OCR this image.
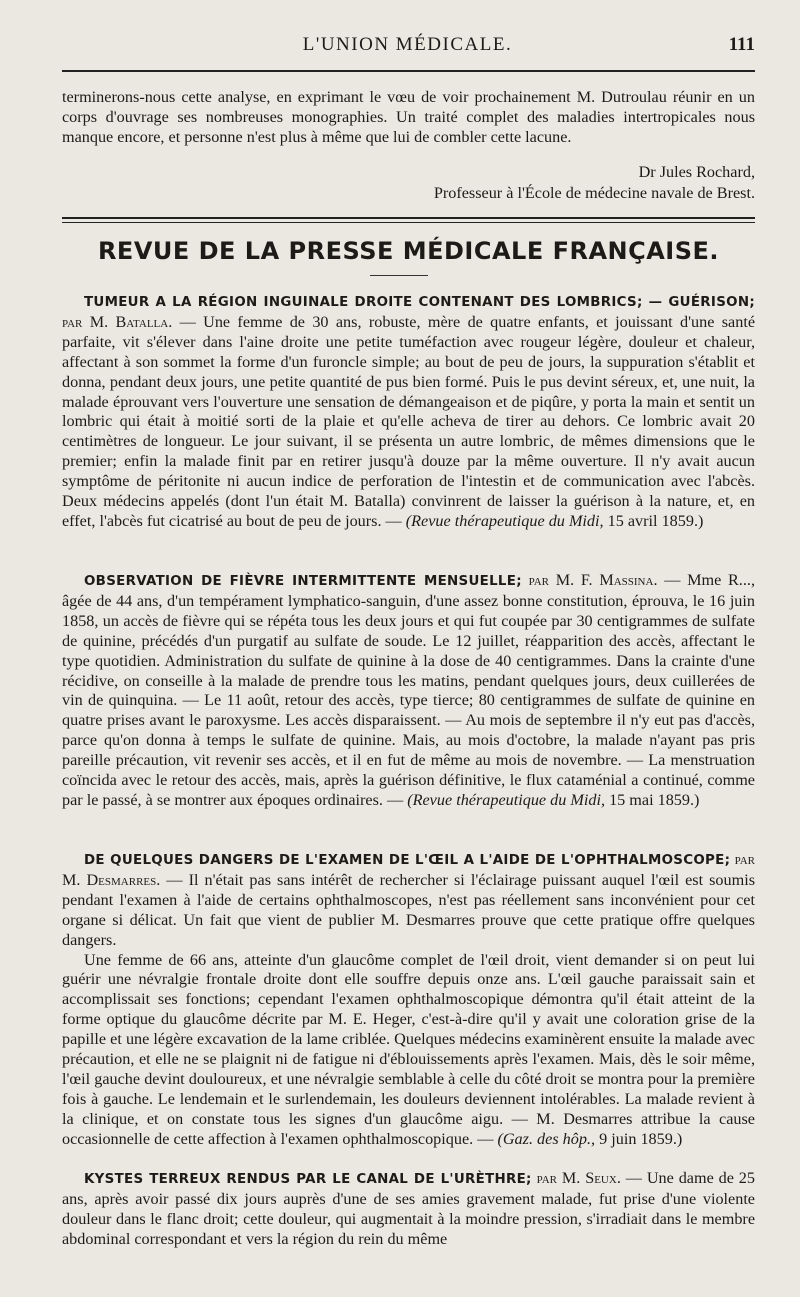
L'UNION MÉDICALE.	111

terminerons-nous cette analyse, en exprimant le vœu de voir prochainement M. Dutroulau réunir en un corps d'ouvrage ses nombreuses monographies. Un traité complet des maladies intertropicales nous manque encore, et personne n'est plus à même que lui de combler cette lacune.

Dr Jules Rochard,
Professeur à l'École de médecine navale de Brest.
REVUE DE LA PRESSE MÉDICALE FRANÇAISE.

TUMEUR A LA RÉGION INGUINALE DROITE CONTENANT DES LOMBRICS; — GUÉRISON; par M. Batalla. — Une femme de 30 ans, robuste, mère de quatre enfants, et jouissant d'une santé parfaite, vit s'élever dans l'aine droite une petite tuméfaction avec rougeur légère, douleur et chaleur, affectant à son sommet la forme d'un furoncle simple; au bout de peu de jours, la suppuration s'établit et donna, pendant deux jours, une petite quantité de pus bien formé. Puis le pus devint séreux, et, une nuit, la malade éprouvant vers l'ouverture une sensation de démangeaison et de piqûre, y porta la main et sentit un lombric qui était à moitié sorti de la plaie et qu'elle acheva de tirer au dehors. Ce lombric avait 20 centimètres de longueur. Le jour suivant, il se présenta un autre lombric, de mêmes dimensions que le premier; enfin la malade finit par en retirer jusqu'à douze par la même ouverture. Il n'y avait aucun symptôme de péritonite ni aucun indice de perforation de l'intestin et de communication avec l'abcès. Deux médecins appelés (dont l'un était M. Batalla) convinrent de laisser la guérison à la nature, et, en effet, l'abcès fut cicatrisé au bout de peu de jours. — (Revue thérapeutique du Midi, 15 avril 1859.)

OBSERVATION DE FIÈVRE INTERMITTENTE MENSUELLE; par M. F. Massina. — Mme R..., âgée de 44 ans, d'un tempérament lymphatico-sanguin, d'une assez bonne constitution, éprouva, le 16 juin 1858, un accès de fièvre qui se répéta tous les deux jours et qui fut coupée par 30 centigrammes de sulfate de quinine, précédés d'un purgatif au sulfate de soude. Le 12 juillet, réapparition des accès, affectant le type quotidien. Administration du sulfate de quinine à la dose de 40 centigrammes. Dans la crainte d'une récidive, on conseille à la malade de prendre tous les matins, pendant quelques jours, deux cuillerées de vin de quinquina. — Le 11 août, retour des accès, type tierce; 80 centigrammes de sulfate de quinine en quatre prises avant le paroxysme. Les accès disparaissent. — Au mois de septembre il n'y eut pas d'accès, parce qu'on donna à temps le sulfate de quinine. Mais, au mois d'octobre, la malade n'ayant pas pris pareille précaution, vit revenir ses accès, et il en fut de même au mois de novembre. — La menstruation coïncida avec le retour des accès, mais, après la guérison définitive, le flux cataménial a continué, comme par le passé, à se montrer aux époques ordinaires. — (Revue thérapeutique du Midi, 15 mai 1859.)

DE QUELQUES DANGERS DE L'EXAMEN DE L'ŒIL A L'AIDE DE L'OPHTHALMOSCOPE; par M. Desmarres. — Il n'était pas sans intérêt de rechercher si l'éclairage puissant auquel l'œil est soumis pendant l'examen à l'aide de certains ophthalmoscopes, n'est pas réellement sans inconvénient pour cet organe si délicat. Un fait que vient de publier M. Desmarres prouve que cette pratique offre quelques dangers.

Une femme de 66 ans, atteinte d'un glaucôme complet de l'œil droit, vient demander si on peut lui guérir une névralgie frontale droite dont elle souffre depuis onze ans. L'œil gauche paraissait sain et accomplissait ses fonctions; cependant l'examen ophthalmoscopique démontra qu'il était atteint de la forme optique du glaucôme décrite par M. E. Heger, c'est-à-dire qu'il y avait une coloration grise de la papille et une légère excavation de la lame criblée. Quelques médecins examinèrent ensuite la malade avec précaution, et elle ne se plaignit ni de fatigue ni d'éblouissements après l'examen. Mais, dès le soir même, l'œil gauche devint douloureux, et une névralgie semblable à celle du côté droit se montra pour la première fois à gauche. Le lendemain et le surlendemain, les douleurs deviennent intolérables. La malade revient à la clinique, et on constate tous les signes d'un glaucôme aigu. — M. Desmarres attribue la cause occasionnelle de cette affection à l'examen ophthalmoscopique. — (Gaz. des hôp., 9 juin 1859.)

KYSTES TERREUX RENDUS PAR LE CANAL DE L'URÈTHRE; par M. Seux. — Une dame de 25 ans, après avoir passé dix jours auprès d'une de ses amies gravement malade, fut prise d'une violente douleur dans le flanc droit; cette douleur, qui augmentait à la moindre pression, s'irradiait dans le membre abdominal correspondant et vers la région du rein du même
